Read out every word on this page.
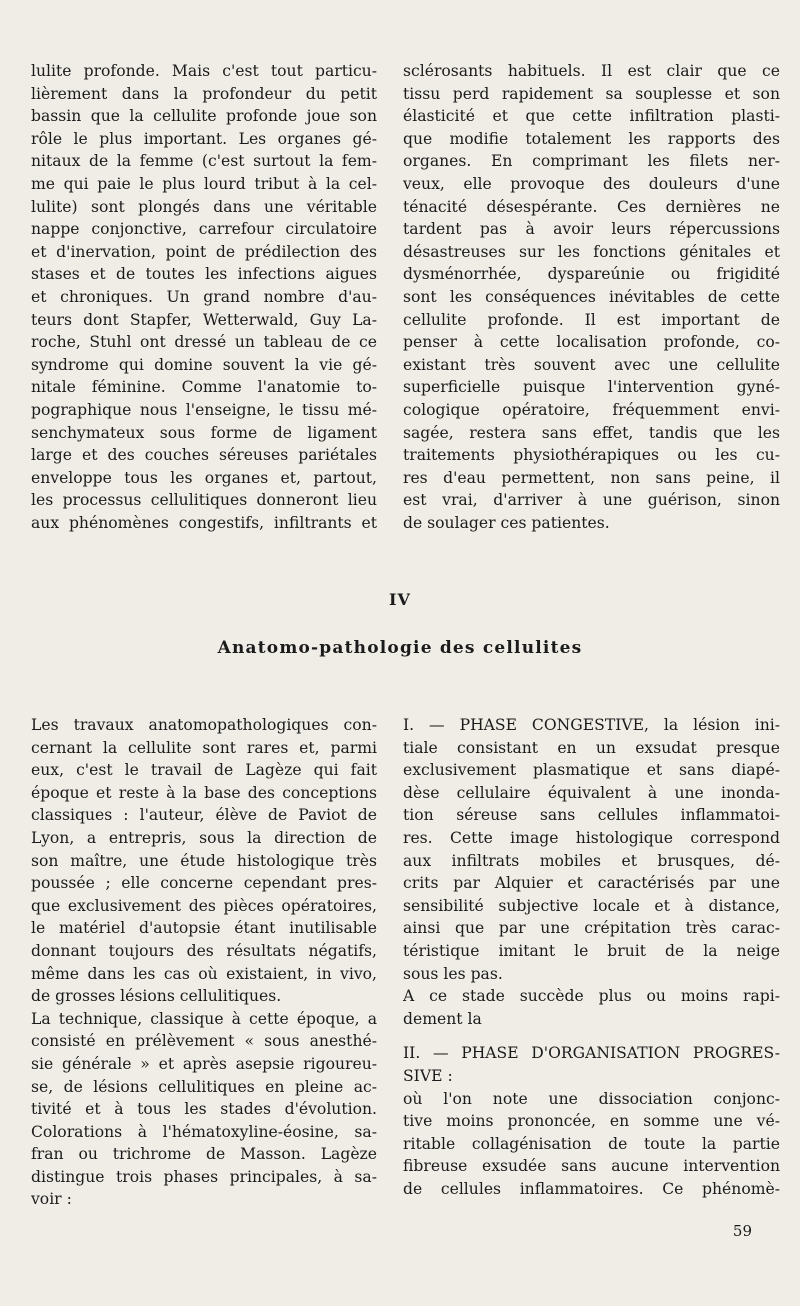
lulite profonde. Mais c'est tout particu-
lièrement dans la profondeur du petit
bassin que la cellulite profonde joue son
rôle le plus important. Les organes gé-
nitaux de la femme (c'est surtout la fem-
me qui paie le plus lourd tribut à la cel-
lulite) sont plongés dans une véritable
nappe conjonctive, carrefour circulatoire
et d'inervation, point de prédilection des
stases et de toutes les infections aigues
et chroniques. Un grand nombre d'au-
teurs dont Stapfer, Wetterwald, Guy La-
roche, Stuhl ont dressé un tableau de ce
syndrome qui domine souvent la vie gé-
nitale féminine. Comme l'anatomie to-
pographique nous l'enseigne, le tissu mé-
senchymateux sous forme de ligament
large et des couches séreuses pariétales
enveloppe tous les organes et, partout,
les processus cellulitiques donneront lieu
aux phénomènes congestifs, infiltrants et
sclérosants habituels. Il est clair que ce
tissu perd rapidement sa souplesse et son
élasticité et que cette infiltration plasti-
que modifie totalement les rapports des
organes. En comprimant les filets ner-
veux, elle provoque des douleurs d'une
ténacité désespérante. Ces dernières ne
tardent pas à avoir leurs répercussions
désastreuses sur les fonctions génitales et
dysménorrhée, dyspareúnie ou frigidité
sont les conséquences inévitables de cette
cellulite profonde. Il est important de
penser à cette localisation profonde, co-
existant très souvent avec une cellulite
superficielle puisque l'intervention gyné-
cologique opératoire, fréquemment envi-
sagée, restera sans effet, tandis que les
traitements physiothérapiques ou les cu-
res d'eau permettent, non sans peine, il
est vrai, d'arriver à une guérison, sinon
de soulager ces patientes.
IV
Anatomo-pathologie des cellulites
Les travaux anatomopathologiques con-
cernant la cellulite sont rares et, parmi
eux, c'est le travail de Lagèze qui fait
époque et reste à la base des conceptions
classiques : l'auteur, élève de Paviot de
Lyon, a entrepris, sous la direction de
son maître, une étude histologique très
poussée ; elle concerne cependant pres-
que exclusivement des pièces opératoires,
le matériel d'autopsie étant inutilisable
donnant toujours des résultats négatifs,
même dans les cas où existaient, in vivo,
de grosses lésions cellulitiques.
La technique, classique à cette époque, a
consisté en prélèvement « sous anesthé-
sie générale » et après asepsie rigoureu-
se, de lésions cellulitiques en pleine ac-
tivité et à tous les stades d'évolution.
Colorations à l'hématoxyline-éosine, sa-
fran ou trichrome de Masson. Lagèze
distingue trois phases principales, à sa-
voir :
I. — PHASE CONGESTIVE, la lésion ini-
tiale consistant en un exsudat presque
exclusivement plasmatique et sans diapé-
dèse cellulaire équivalent à une inonda-
tion séreuse sans cellules inflammatoi-
res. Cette image histologique correspond
aux infiltrats mobiles et brusques, dé-
crits par Alquier et caractérisés par une
sensibilité subjective locale et à distance,
ainsi que par une crépitation très carac-
téristique imitant le bruit de la neige
sous les pas.
A ce stade succède plus ou moins rapi-
dement la
II. — PHASE D'ORGANISATION PROGRES-
SIVE :
où l'on note une dissociation conjonc-
tive moins prononcée, en somme une vé-
ritable collagénisation de toute la partie
fibreuse exsudée sans aucune intervention
de cellules inflammatoires. Ce phénomè-
59
